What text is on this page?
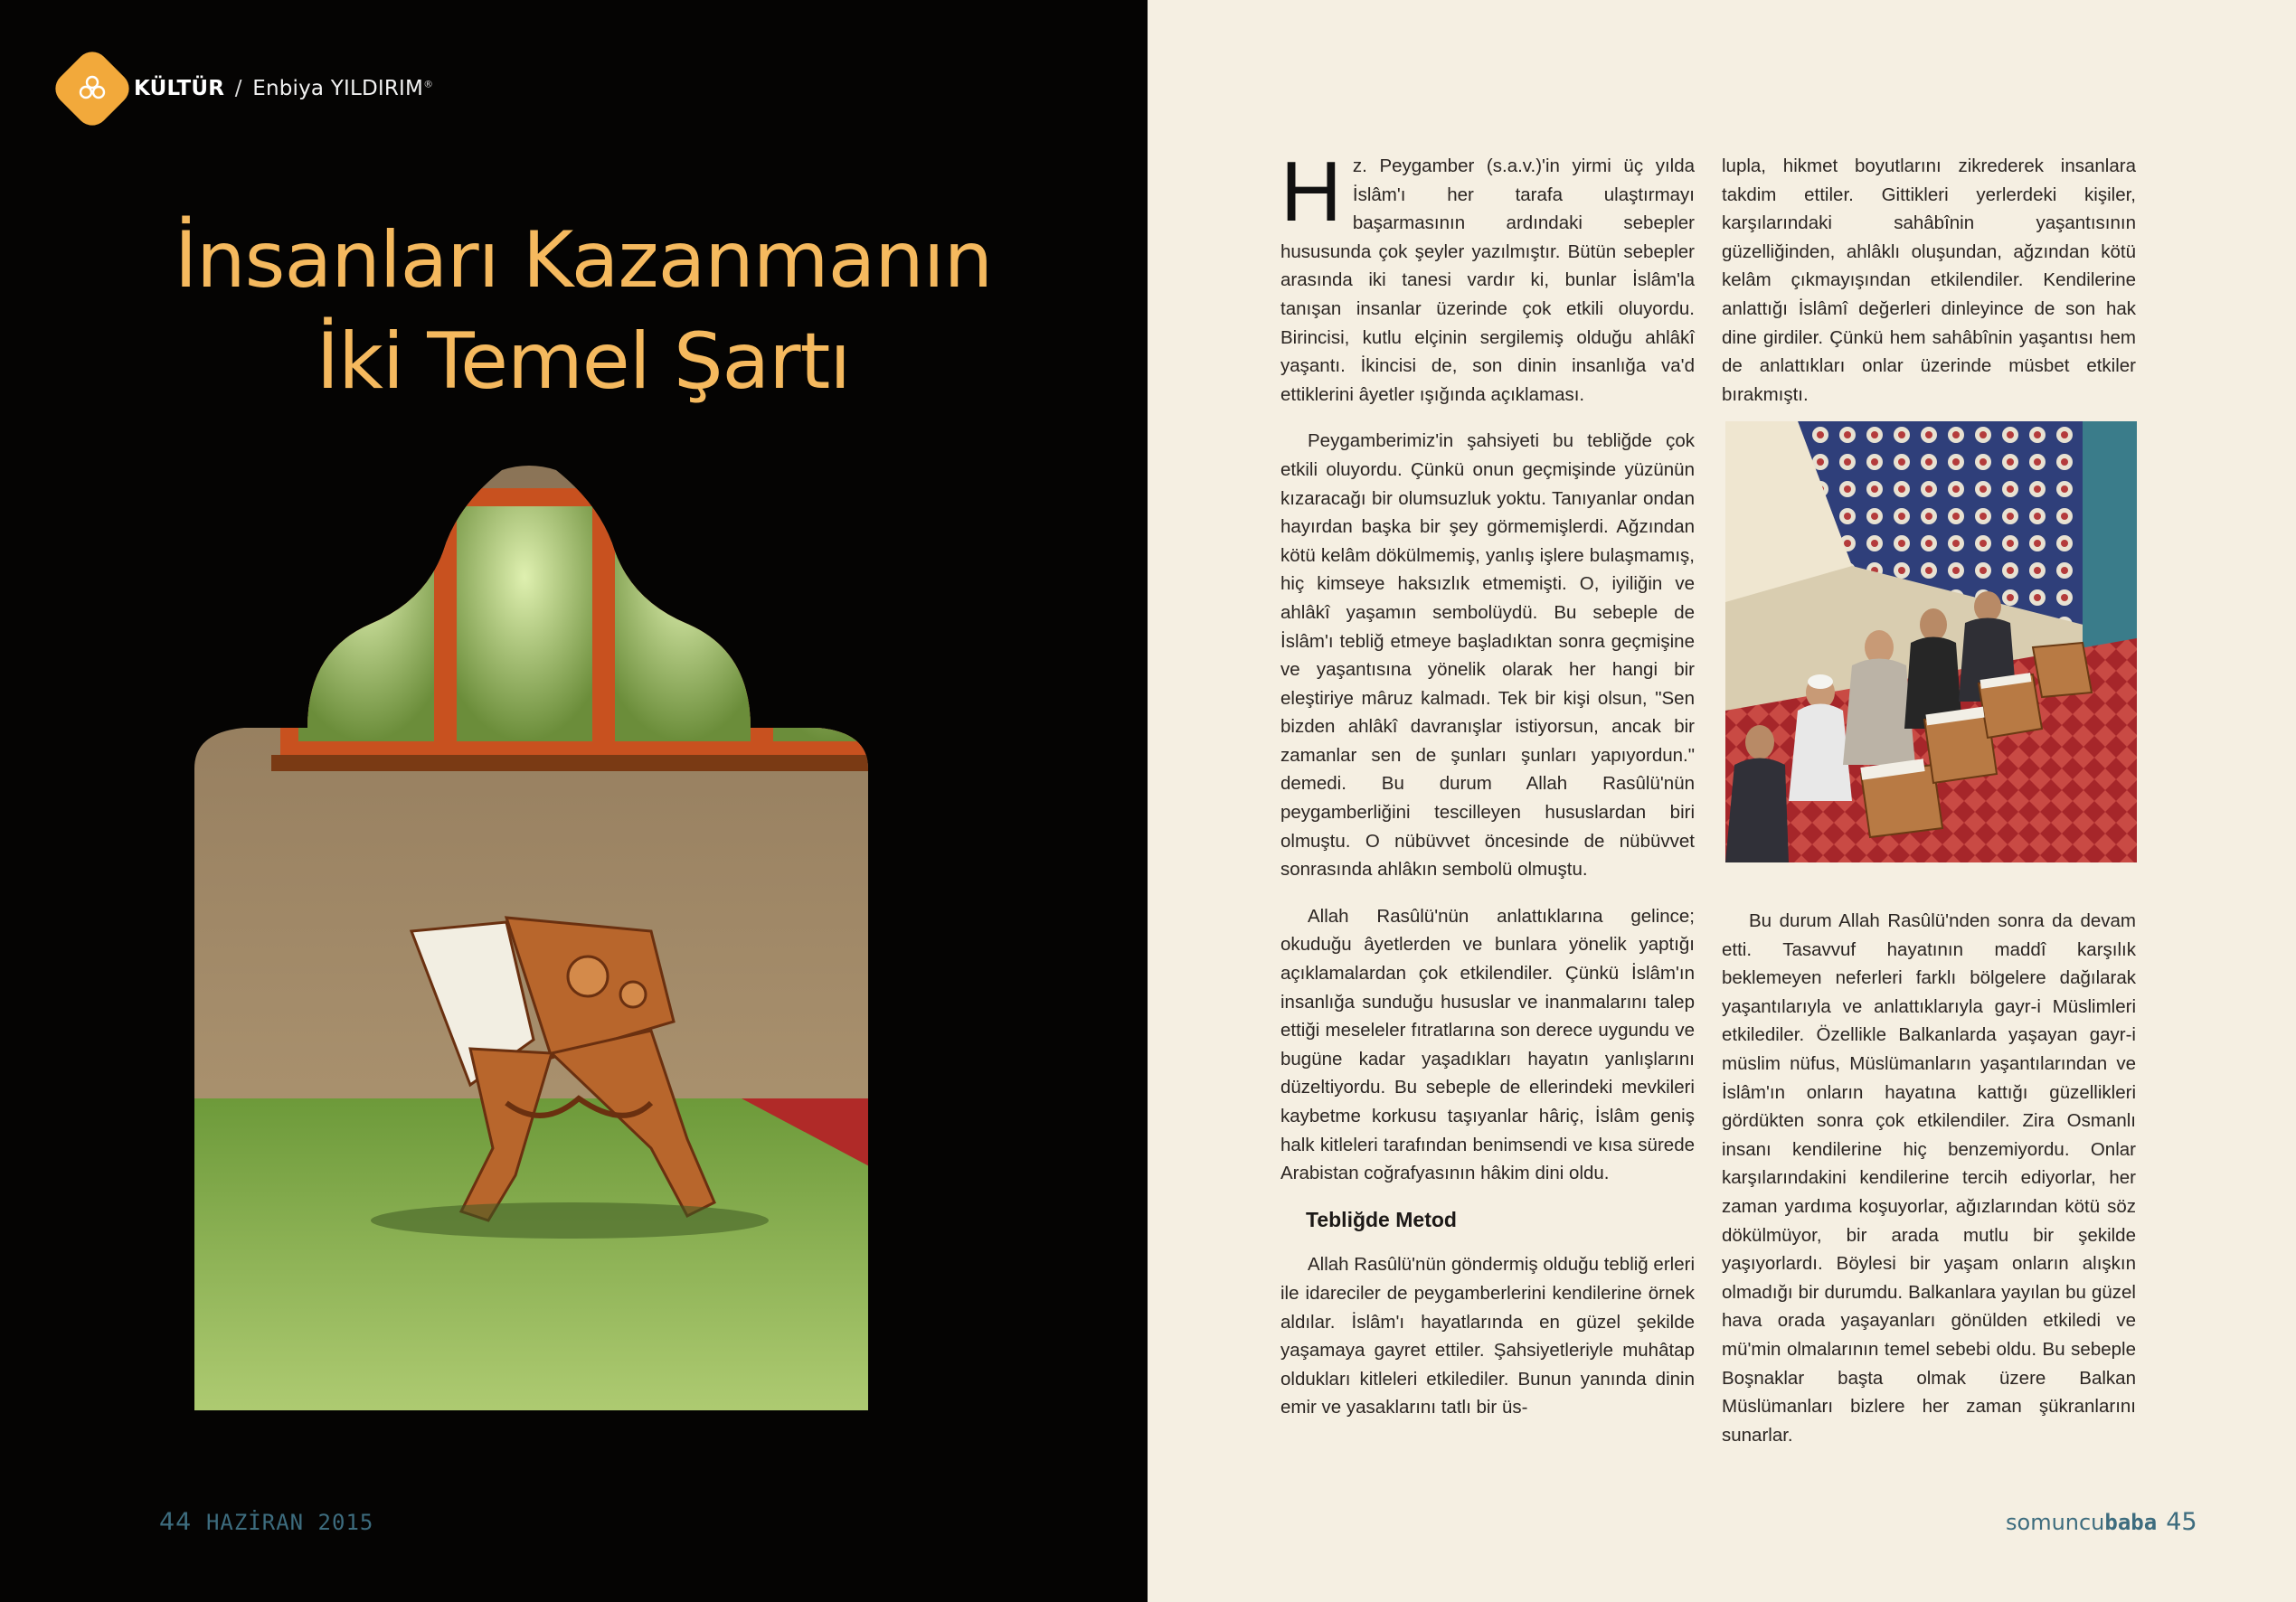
KÜLTÜR / Enbiya YILDIRIM®
İnsanları Kazanmanın
İki Temel Şartı
44 HAZİRAN 2015

Hz. Peygamber (s.a.v.)'in yirmi üç yılda İslâm'ı her tarafa ulaştırmayı başarmasının ardındaki sebepler hususunda çok şeyler yazılmıştır. Bütün sebepler arasında iki tanesi vardır ki, bunlar İslâm'la tanışan insanlar üzerinde çok etkili oluyordu. Birincisi, kutlu elçinin sergilemiş olduğu ahlâkî yaşantı. İkincisi de, son dinin insanlığa va'd ettiklerini âyetler ışığında açıklaması.

Peygamberimiz'in şahsiyeti bu tebliğde çok etkili oluyordu. Çünkü onun geçmişinde yüzünün kızaracağı bir olumsuzluk yoktu. Tanıyanlar ondan hayırdan başka bir şey görmemişlerdi. Ağzından kötü kelâm dökülmemiş, yanlış işlere bulaşmamış, hiç kimseye haksızlık etmemişti. O, iyiliğin ve ahlâkî yaşamın sembolüydü. Bu sebeple de İslâm'ı tebliğ etmeye başladıktan sonra geçmişine ve yaşantısına yönelik olarak her hangi bir eleştiriye mâruz kalmadı. Tek bir kişi olsun, "Sen bizden ahlâkî davranışlar istiyorsun, ancak bir zamanlar sen de şunları şunları yapıyordun." demedi. Bu durum Allah Rasûlü'nün peygamberliğini tescilleyen hususlardan biri olmuştu. O nübüvvet öncesinde de nübüvvet sonrasında ahlâkın sembolü olmuştu.

Allah Rasûlü'nün anlattıklarına gelince; okuduğu âyetlerden ve bunlara yönelik yaptığı açıklamalardan çok etkilendiler. Çünkü İslâm'ın insanlığa sunduğu hususlar ve inanmalarını talep ettiği meseleler fıtratlarına son derece uygundu ve bugüne kadar yaşadıkları hayatın yanlışlarını düzeltiyordu. Bu sebeple de ellerindeki mevkileri kaybetme korkusu taşıyanlar hâriç, İslâm geniş halk kitleleri tarafından benimsendi ve kısa sürede Arabistan coğrafyasının hâkim dini oldu.

Tebliğde Metod

Allah Rasûlü'nün göndermiş olduğu tebliğ erleri ile idareciler de peygamberlerini kendilerine örnek aldılar. İslâm'ı hayatlarında en güzel şekilde yaşamaya gayret ettiler. Şahsiyetleriyle muhâtap oldukları kitleleri etkilediler. Bunun yanında dinin emir ve yasaklarını tatlı bir üs-

lupla, hikmet boyutlarını zikrederek insanlara takdim ettiler. Gittikleri yerlerdeki kişiler, karşılarındaki sahâbînin yaşantısının güzelliğinden, ahlâklı oluşundan, ağzından kötü kelâm çıkmayışından etkilendiler. Kendilerine anlattığı İslâmî değerleri dinleyince de son hak dine girdiler. Çünkü hem sahâbînin yaşantısı hem de anlattıkları onlar üzerinde müsbet etkiler bırakmıştı.

Bu durum Allah Rasûlü'nden sonra da devam etti. Tasavvuf hayatının maddî karşılık beklemeyen neferleri farklı bölgelere dağılarak yaşantılarıyla ve anlattıklarıyla gayr-i Müslimleri etkilediler. Özellikle Balkanlarda yaşayan gayr-i müslim nüfus, Müslümanların yaşantılarından ve İslâm'ın onların hayatına kattığı güzellikleri gördükten sonra çok etkilendiler. Zira Osmanlı insanı kendilerine hiç benzemiyordu. Onlar karşılarındakini kendilerine tercih ediyorlar, her zaman yardıma koşuyorlar, ağızlarından kötü söz dökülmüyor, bir arada mutlu bir şekilde yaşıyorlardı. Böylesi bir yaşam onların alışkın olmadığı bir durumdu. Balkanlara yayılan bu güzel hava orada yaşayanları gönülden etkiledi ve mü'min olmalarının temel sebebi oldu. Bu sebeple Boşnaklar başta olmak üzere Balkan Müslümanları bizlere her zaman şükranlarını sunarlar.

somuncubaba 45
